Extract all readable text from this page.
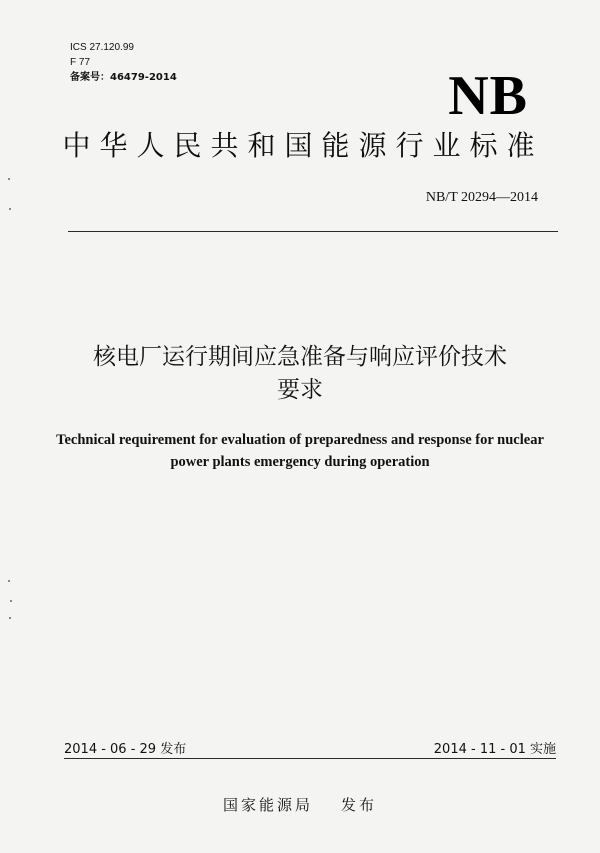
ICS 27.120.99
F 77
备案号：46479-2014	NB
中华人民共和国能源行业标准
NB/T 20294—2014
核电厂运行期间应急准备与响应评价技术
要求
Technical requirement for evaluation of preparedness and response for nuclear
power plants emergency during operation
2014 - 06 - 29 发布	2014 - 11 - 01 实施
国家能源局 发布
